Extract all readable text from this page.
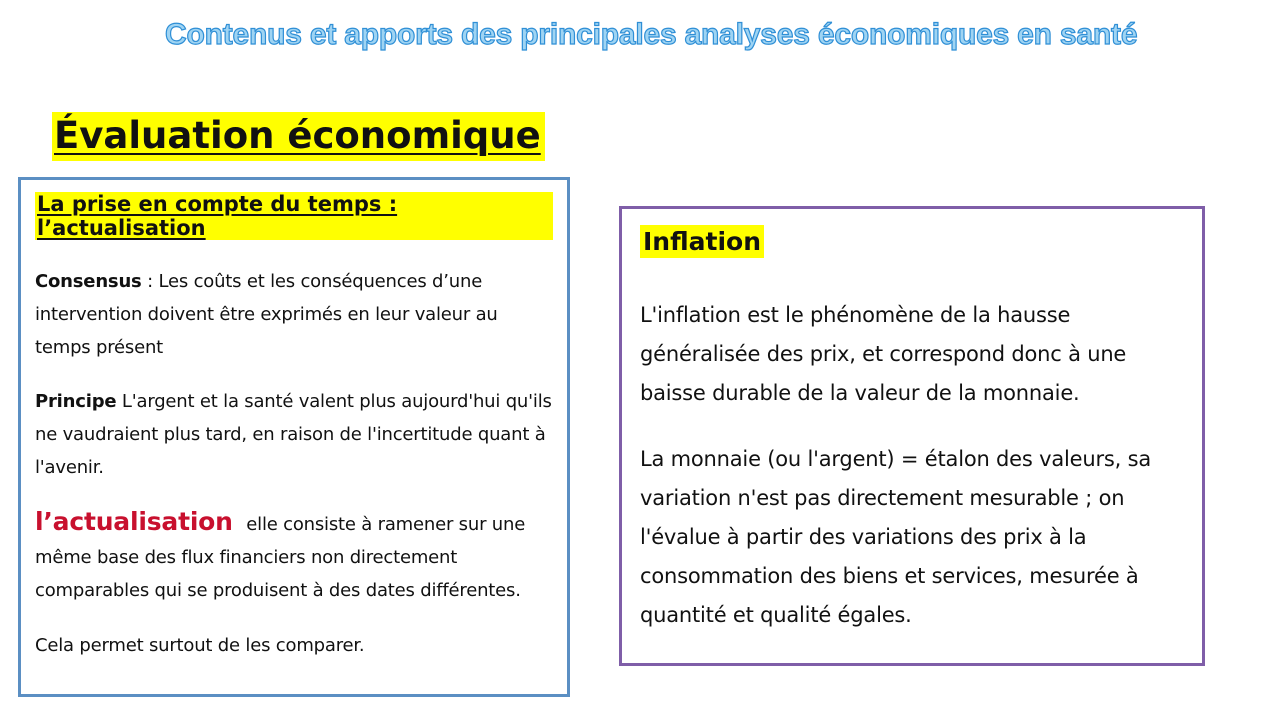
Contenus et apports des principales analyses économiques en santé
Évaluation économique
La prise en compte du temps : l’actualisation

Consensus : Les coûts et les conséquences d’une intervention doivent être exprimés en leur valeur au temps présent

Principe L'argent et la santé valent plus aujourd'hui qu'ils ne vaudraient plus tard, en raison de l'incertitude quant à l'avenir.

l’actualisation elle consiste à ramener sur une même base des flux financiers non directement comparables qui se produisent à des dates différentes.

Cela permet surtout de les comparer.

Inflation

L'inflation est le phénomène de la hausse généralisée des prix, et correspond donc à une baisse durable de la valeur de la monnaie.

La monnaie (ou l'argent) = étalon des valeurs, sa variation n'est pas directement mesurable ; on l'évalue à partir des variations des prix à la consommation des biens et services, mesurée à quantité et qualité égales.
